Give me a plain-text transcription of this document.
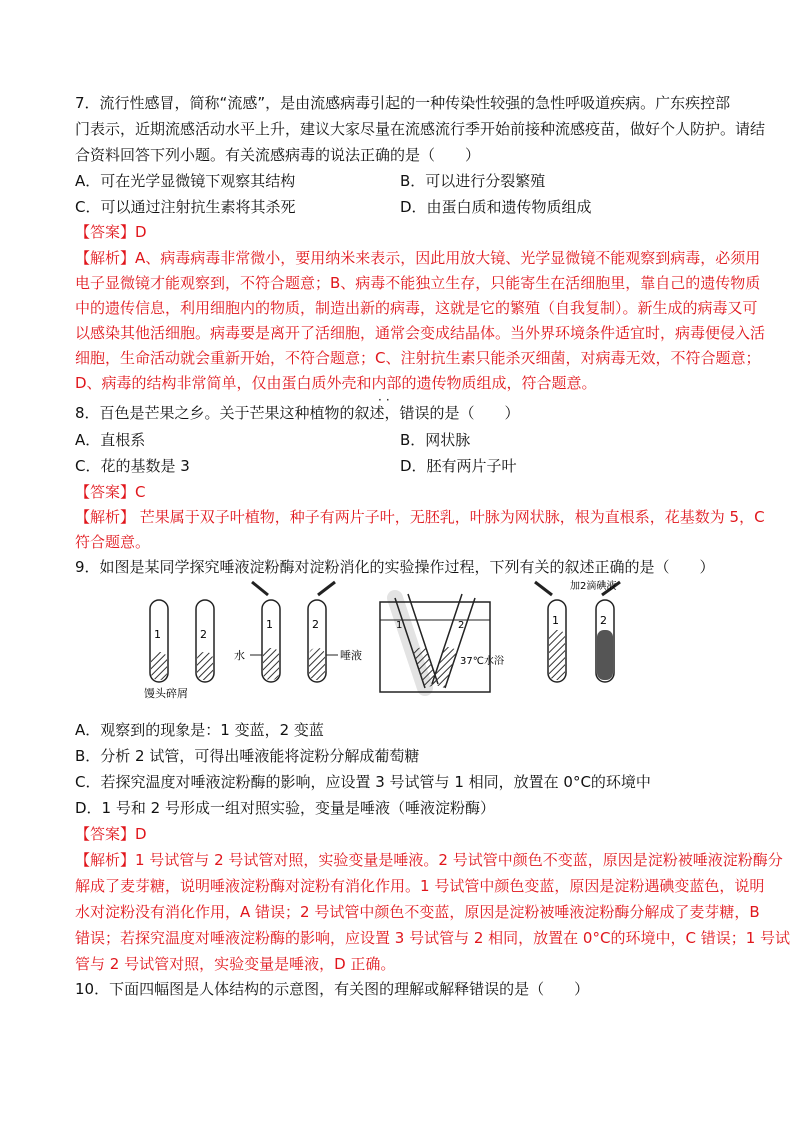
7．流行性感冒，简称“流感”，是由流感病毒引起的一种传染性较强的急性呼吸道疾病。广东疾控部
门表示，近期流感活动水平上升，建议大家尽量在流感流行季开始前接种流感疫苗，做好个人防护。请结
合资料回答下列小题。有关流感病毒的说法正确的是（　　）
A．可在光学显微镜下观察其结构	B．可以进行分裂繁殖
C．可以通过注射抗生素将其杀死	D．由蛋白质和遗传物质组成
【答案】D
【解析】A、病毒病毒非常微小，要用纳米来表示，因此用放大镜、光学显微镜不能观察到病毒，必须用
电子显微镜才能观察到，不符合题意；B、病毒不能独立生存，只能寄生在活细胞里，靠自己的遗传物质
中的遗传信息，利用细胞内的物质，制造出新的病毒，这就是它的繁殖（自我复制）。新生成的病毒又可
以感染其他活细胞。病毒要是离开了活细胞，通常会变成结晶体。当外界环境条件适宜时，病毒便侵入活
细胞，生命活动就会重新开始，不符合题意；C、注射抗生素只能杀灭细菌，对病毒无效，不符合题意；
D、病毒的结构非常简单，仅由蛋白质外壳和内部的遗传物质组成，符合题意。
··
8．百色是芒果之乡。关于芒果这种植物的叙述，错误的是（　　）
A．直根系	B．网状脉
C．花的基数是 3	D．胚有两片子叶
【答案】C
【解析】 芒果属于双子叶植物，种子有两片子叶，无胚乳，叶脉为网状脉，根为直根系，花基数为 5，C
符合题意。
9．如图是某同学探究唾液淀粉酶对淀粉消化的实验操作过程，下列有关的叙述正确的是（　　）
1	2
馒头碎屑
1	2
水	唾液
1	2
37℃水浴
1	2
加2滴碘液
A．观察到的现象是：1 变蓝，2 变蓝
B．分析 2 试管，可得出唾液能将淀粉分解成葡萄糖
C．若探究温度对唾液淀粉酶的影响，应设置 3 号试管与 1 相同，放置在 0°C的环境中
D．1 号和 2 号形成一组对照实验，变量是唾液（唾液淀粉酶）
【答案】D
【解析】1 号试管与 2 号试管对照，实验变量是唾液。2 号试管中颜色不变蓝，原因是淀粉被唾液淀粉酶分
解成了麦芽糖，说明唾液淀粉酶对淀粉有消化作用。1 号试管中颜色变蓝，原因是淀粉遇碘变蓝色，说明
水对淀粉没有消化作用，A 错误；2 号试管中颜色不变蓝，原因是淀粉被唾液淀粉酶分解成了麦芽糖，B
错误；若探究温度对唾液淀粉酶的影响，应设置 3 号试管与 2 相同，放置在 0°C的环境中，C 错误；1 号试
管与 2 号试管对照，实验变量是唾液，D 正确。
10．下面四幅图是人体结构的示意图，有关图的理解或解释错误的是（　　）
